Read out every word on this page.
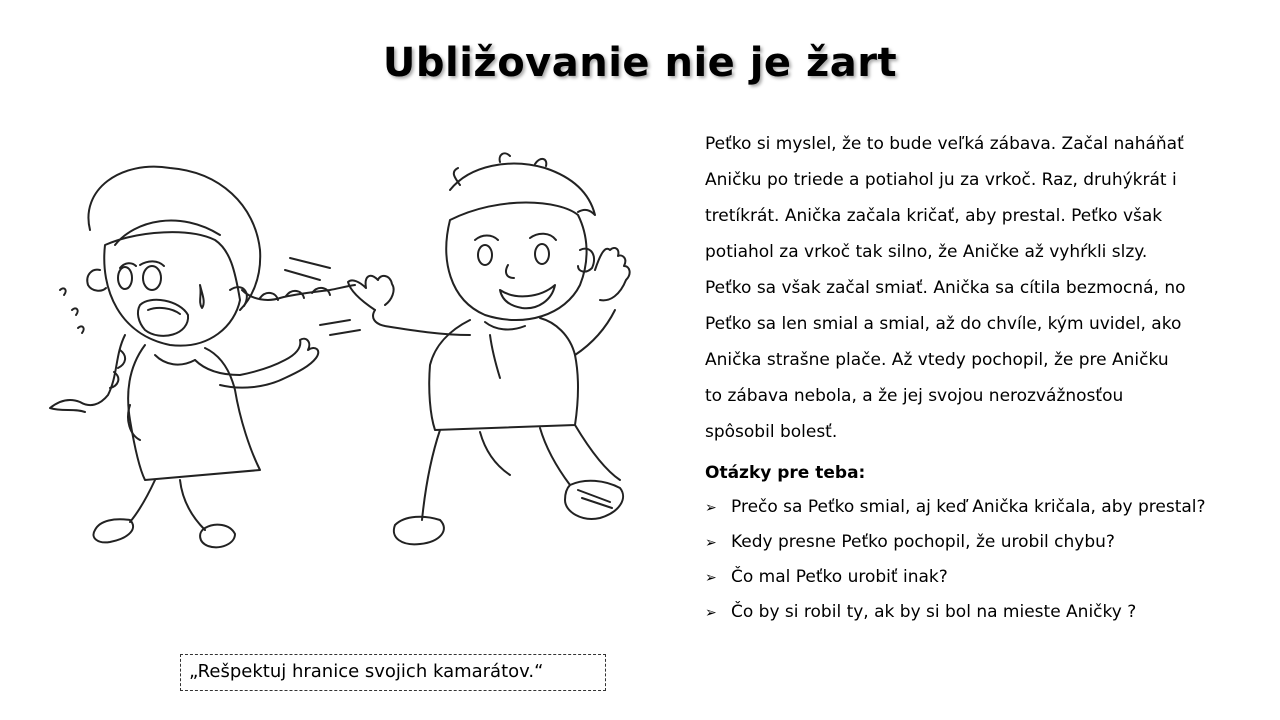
Ubližovanie nie je žart
Peťko si myslel, že to bude veľká zábava. Začal naháňať
Aničku po triede a potiahol ju za vrkoč. Raz, druhýkrát i
tretíkrát. Anička začala kričať, aby prestal. Peťko však
potiahol za vrkoč tak silno, že Aničke až vyhŕkli slzy.
Peťko sa však začal smiať. Anička sa cítila bezmocná, no
Peťko sa len smial a smial, až do chvíle, kým uvidel, ako
Anička strašne plače. Až vtedy pochopil, že pre Aničku
to zábava nebola, a že jej svojou nerozvážnosťou
spôsobil bolesť.
Otázky pre teba:
➢ Prečo sa Peťko smial, aj keď Anička kričala, aby prestal?
➢ Kedy presne Peťko pochopil, že urobil chybu?
➢ Čo mal Peťko urobiť inak?
➢ Čo by si robil ty, ak by si bol na mieste Aničky ?
„Rešpektuj hranice svojich kamarátov.“
